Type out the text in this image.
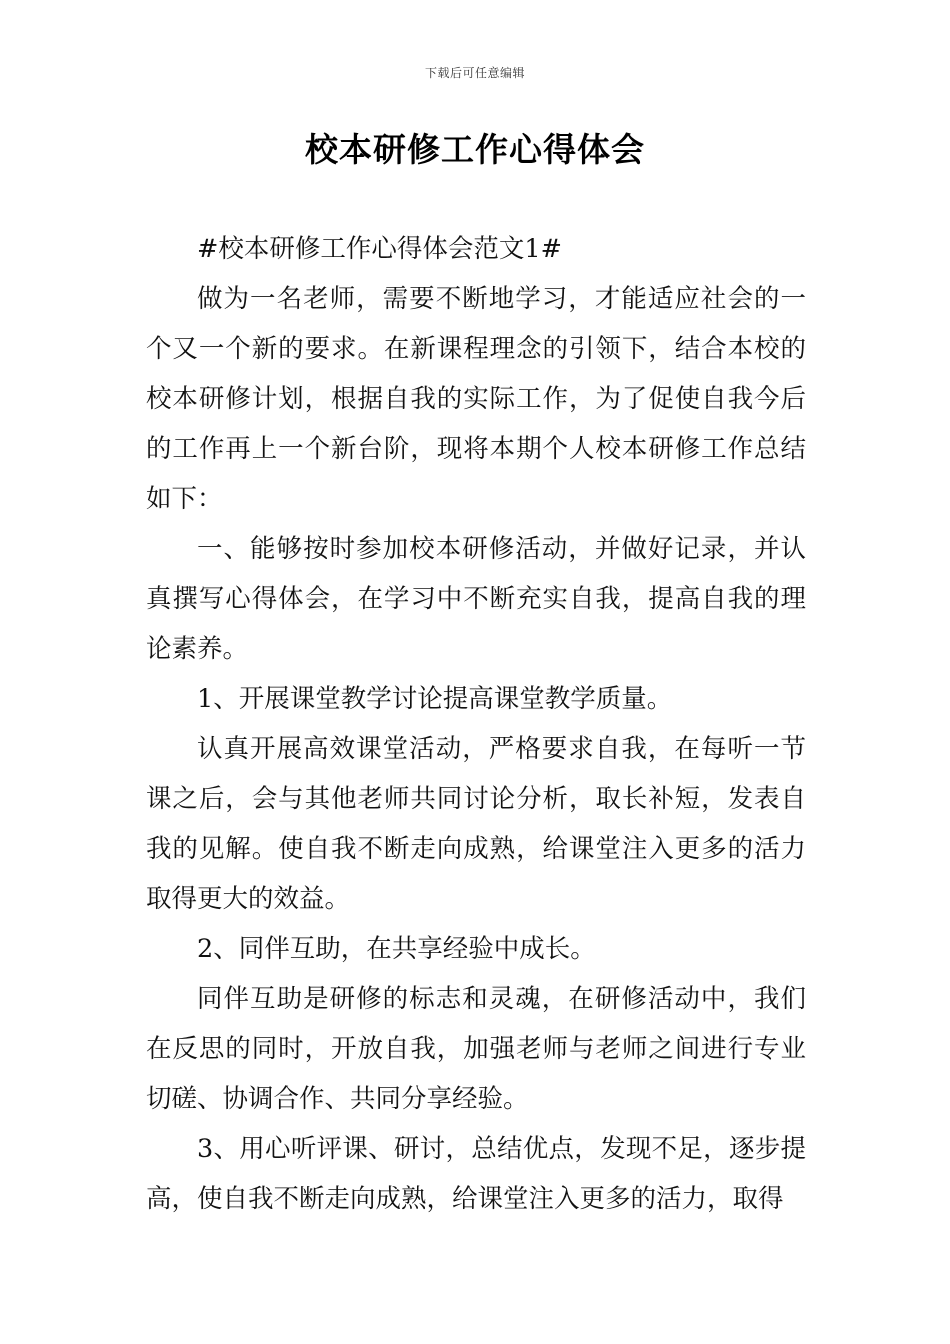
下载后可任意编辑
校本研修工作心得体会

#校本研修工作心得体会范文1#

做为一名老师，需要不断地学习，才能适应社会的一个又一个新的要求。在新课程理念的引领下，结合本校的校本研修计划，根据自我的实际工作，为了促使自我今后的工作再上一个新台阶，现将本期个人校本研修工作总结如下：

一、能够按时参加校本研修活动，并做好记录，并认真撰写心得体会，在学习中不断充实自我，提高自我的理论素养。

1、开展课堂教学讨论提高课堂教学质量。

认真开展高效课堂活动，严格要求自我，在每听一节课之后，会与其他老师共同讨论分析，取长补短，发表自我的见解。使自我不断走向成熟，给课堂注入更多的活力取得更大的效益。

2、同伴互助，在共享经验中成长。

同伴互助是研修的标志和灵魂，在研修活动中，我们在反思的同时，开放自我，加强老师与老师之间进行专业切磋、协调合作、共同分享经验。

3、用心听评课、研讨，总结优点，发现不足，逐步提高，使自我不断走向成熟，给课堂注入更多的活力，取得
